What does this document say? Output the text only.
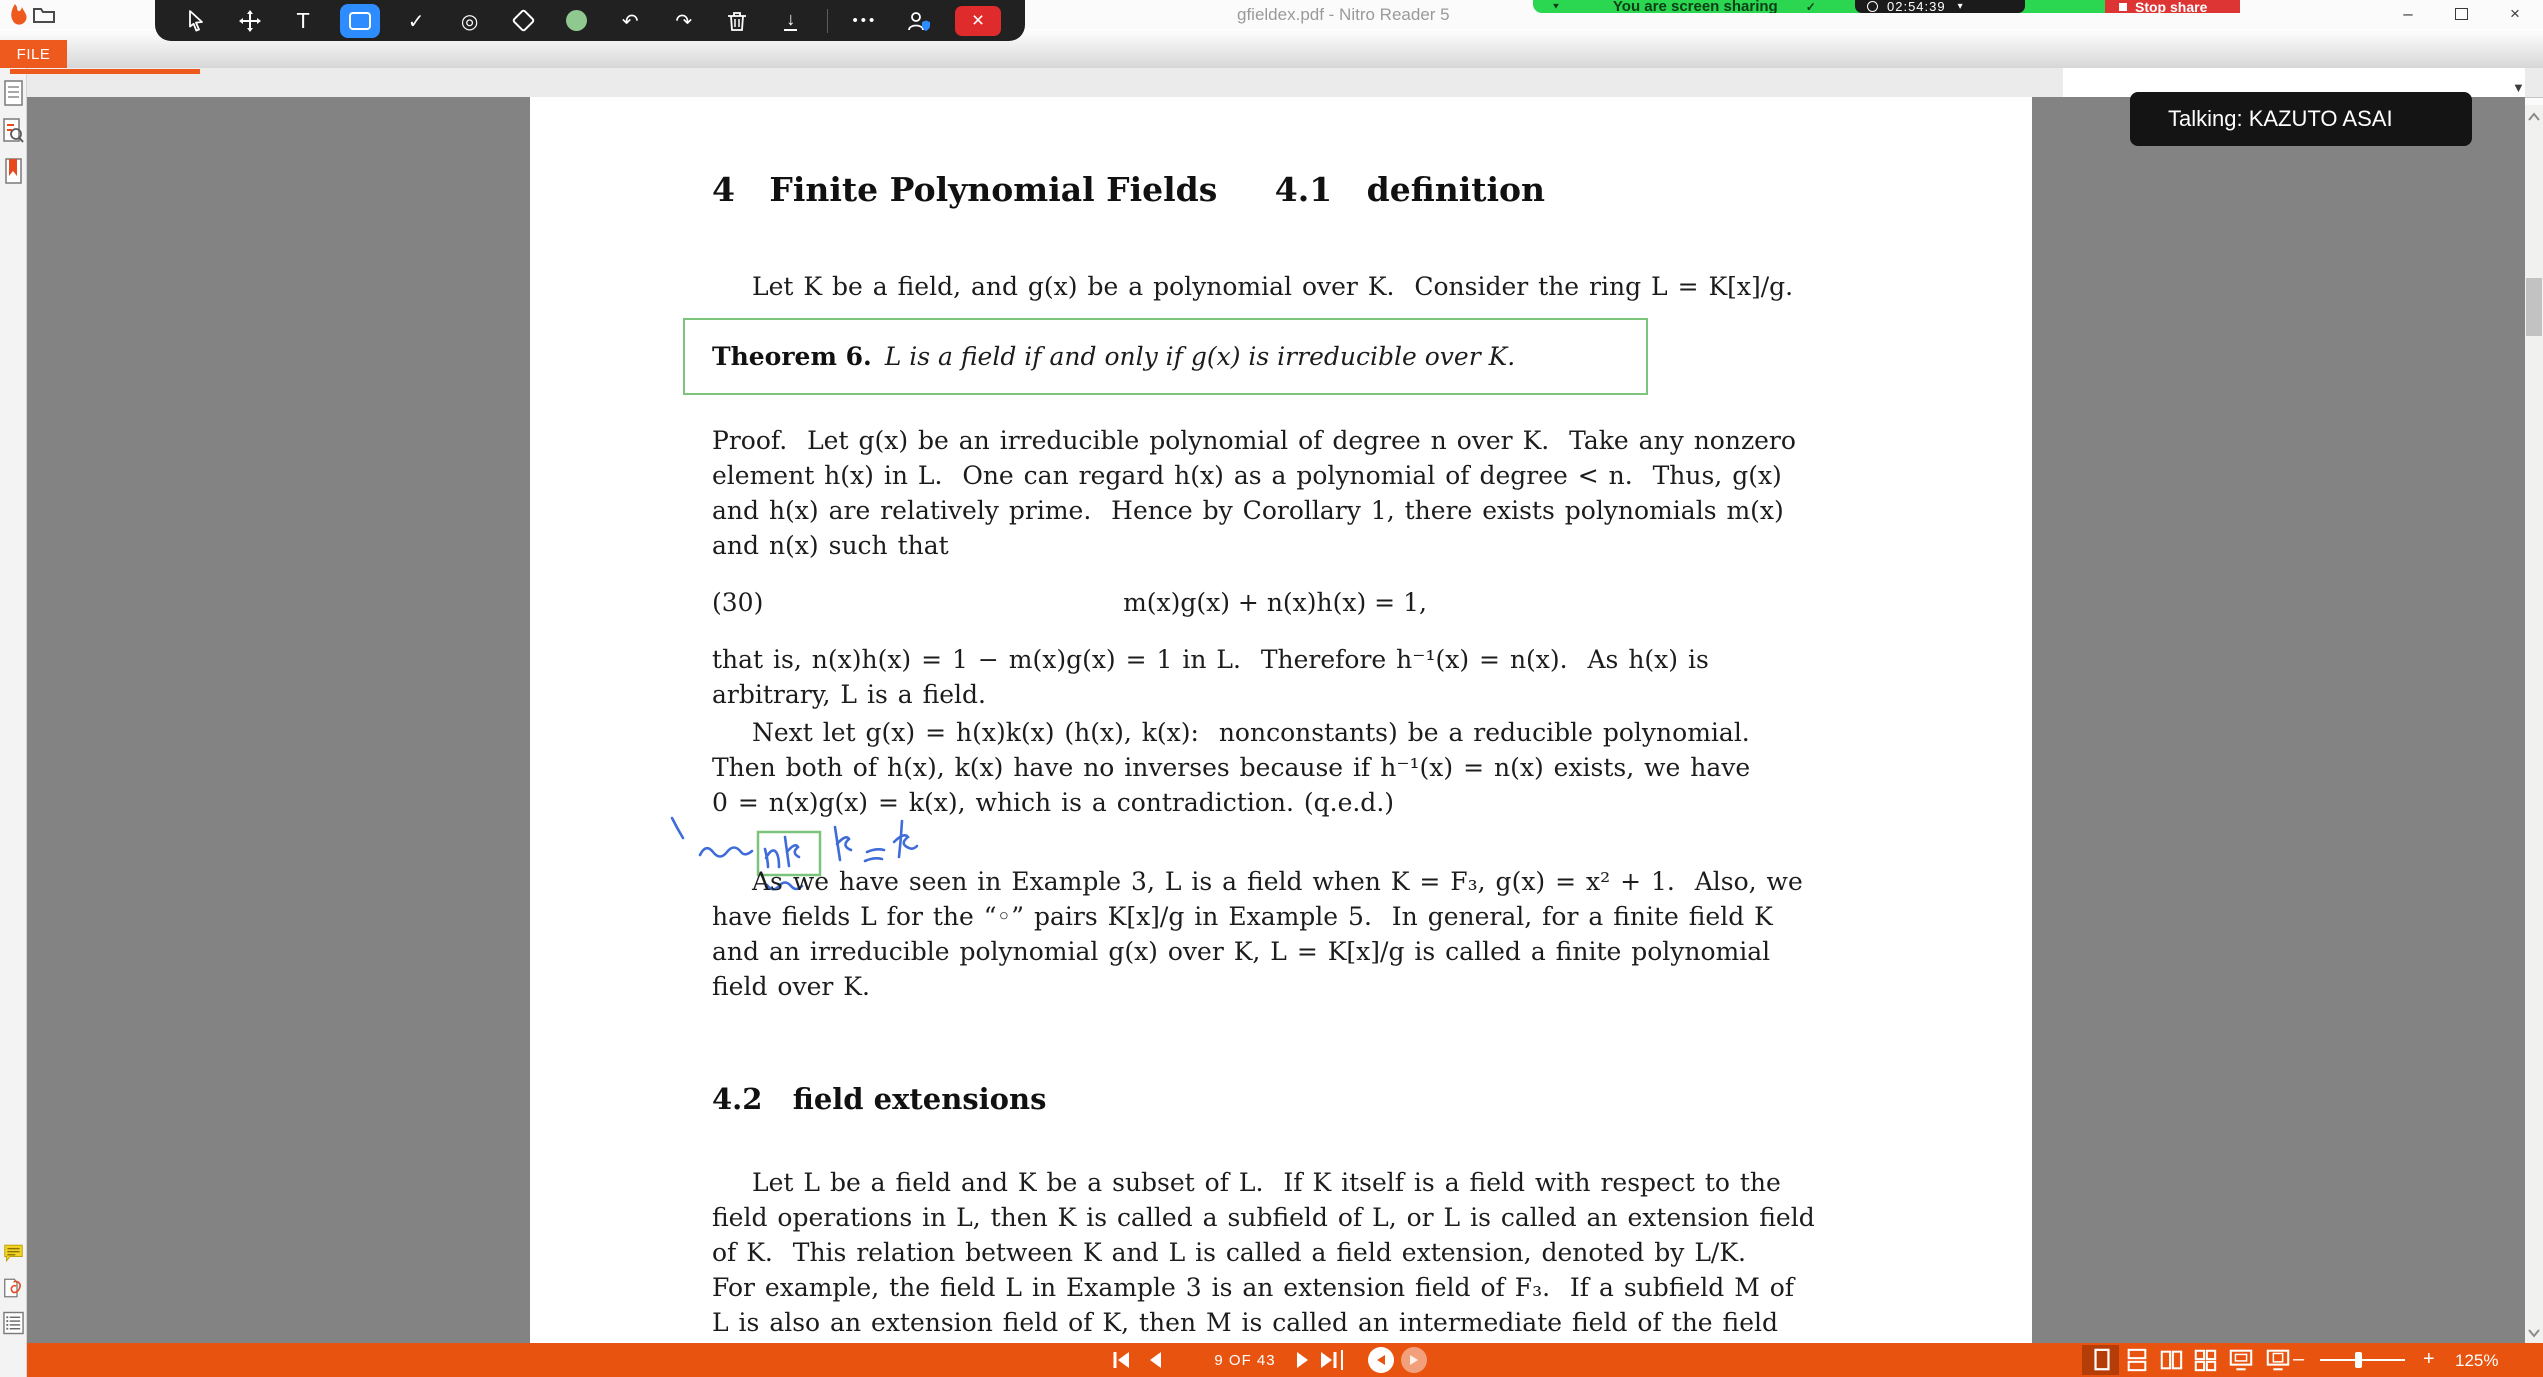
gfieldex.pdf - Nitro Reader 5	–	×
T	✓	◎	↶	↷	↓	•••	×
▼	You are screen sharing ✓	02:54:39 ▾	Stop share
FILE
▼
4   Finite Polynomial Fields     4.1   definition
Let K be a field, and g(x) be a polynomial over K.  Consider the ring L = K[x]/g.
Theorem 6. L is a field if and only if g(x) is irreducible over K.
Proof.  Let g(x) be an irreducible polynomial of degree n over K.  Take any nonzero
element h(x) in L.  One can regard h(x) as a polynomial of degree < n.  Thus, g(x)
and h(x) are relatively prime.  Hence by Corollary 1, there exists polynomials m(x)
and n(x) such that
(30)	m(x)g(x) + n(x)h(x) = 1,
that is, n(x)h(x) = 1 − m(x)g(x) = 1 in L.  Therefore h⁻¹(x) = n(x).  As h(x) is
arbitrary, L is a field.
Next let g(x) = h(x)k(x) (h(x), k(x):  nonconstants) be a reducible polynomial.
Then both of h(x), k(x) have no inverses because if h⁻¹(x) = n(x) exists, we have
0 = n(x)g(x) = k(x), which is a contradiction. (q.e.d.)
As we have seen in Example 3, L is a field when K = F₃, g(x) = x² + 1.  Also, we
have fields L for the “◦” pairs K[x]/g in Example 5.  In general, for a finite field K
and an irreducible polynomial g(x) over K, L = K[x]/g is called a finite polynomial
field over K.
4.2   field extensions
Let L be a field and K be a subset of L.  If K itself is a field with respect to the
field operations in L, then K is called a subfield of L, or L is called an extension field
of K.  This relation between K and L is called a field extension, denoted by L/K.
For example, the field L in Example 3 is an extension field of F₃.  If a subfield M of
L is also an extension field of K, then M is called an intermediate field of the field
Talking: KAZUTO ASAI
9 OF 43	–	+ 125%
